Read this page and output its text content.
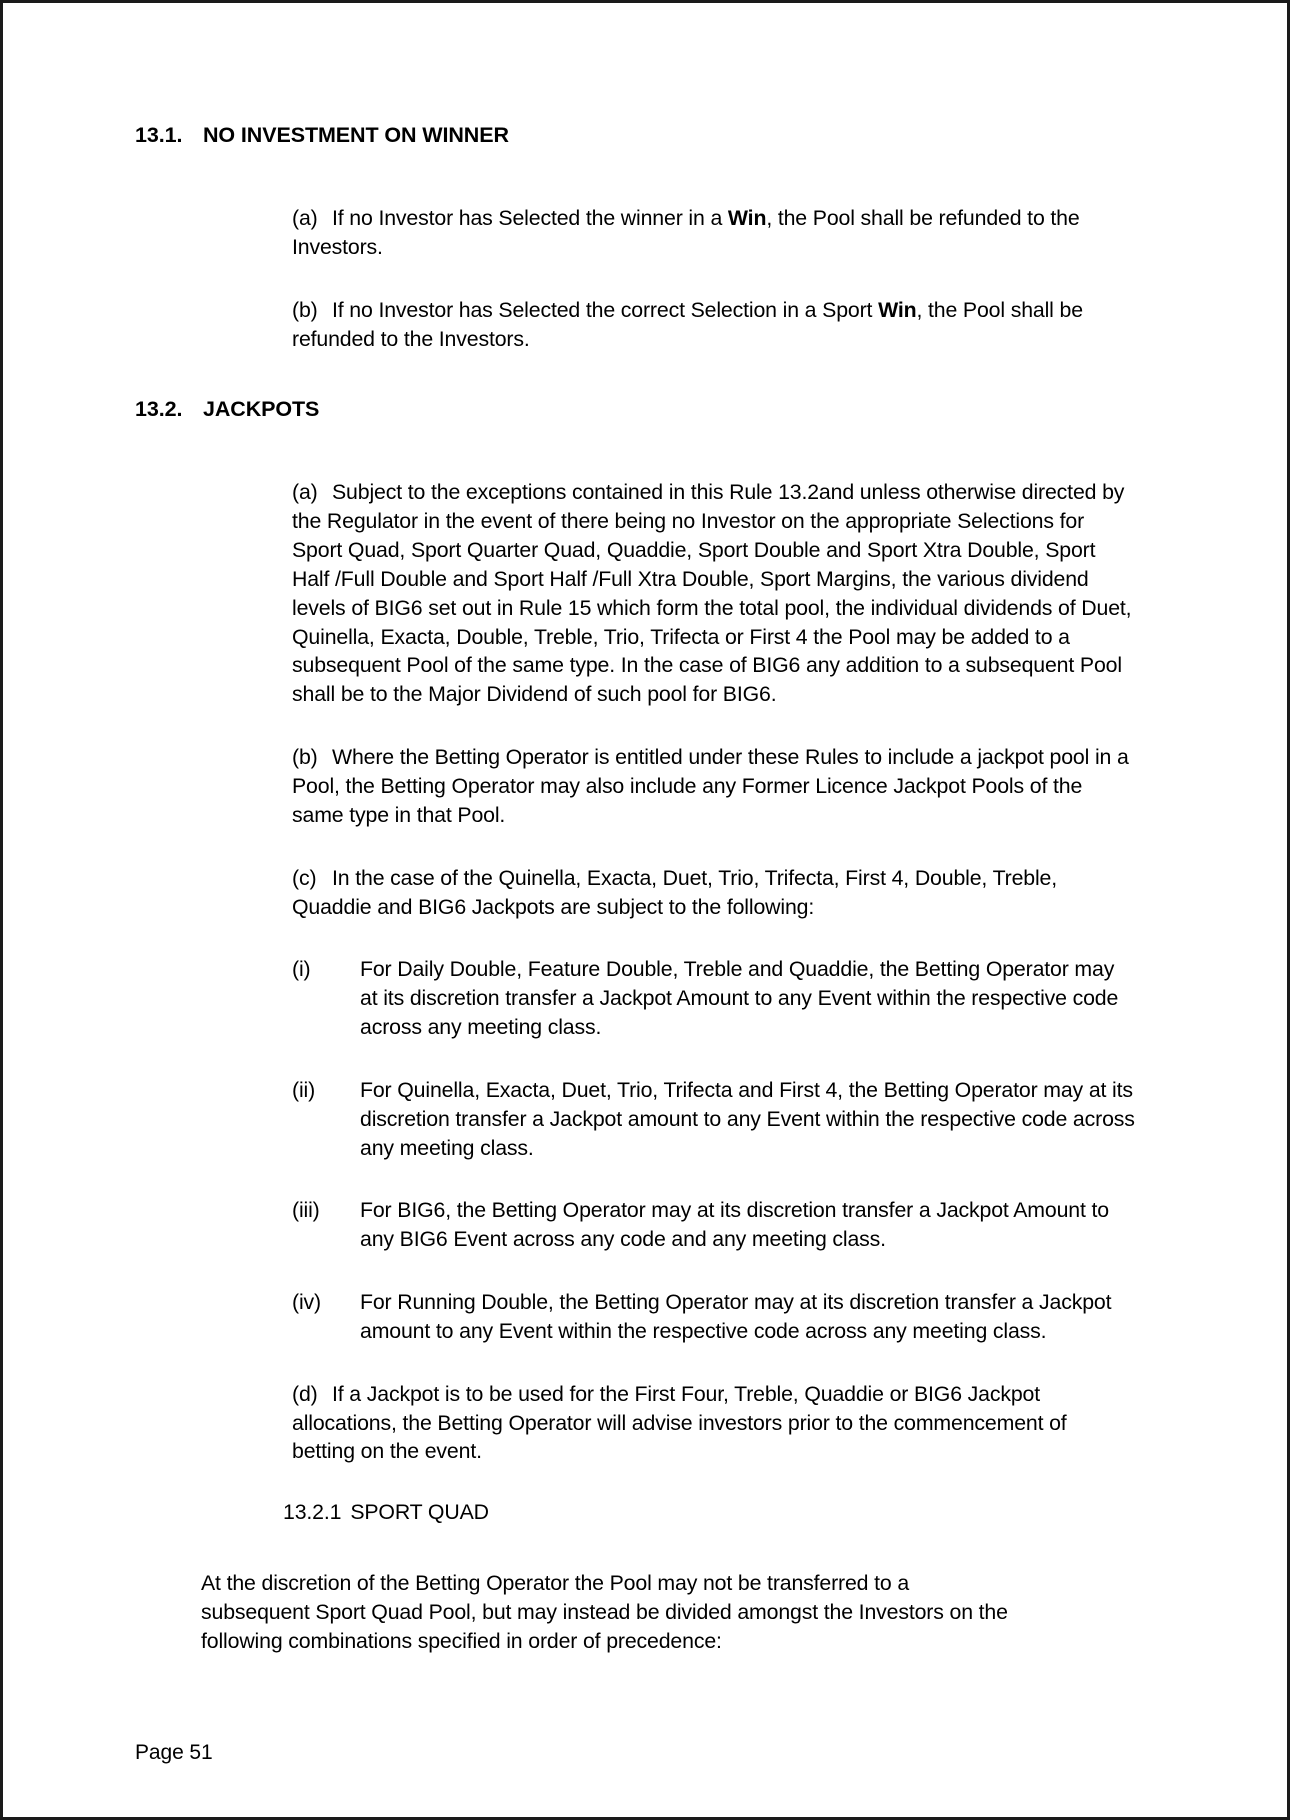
13.1. NO INVESTMENT ON WINNER

(a) If no Investor has Selected the winner in a Win, the Pool shall be refunded to the Investors.

(b) If no Investor has Selected the correct Selection in a Sport Win, the Pool shall be refunded to the Investors.

13.2. JACKPOTS

(a) Subject to the exceptions contained in this Rule 13.2and unless otherwise directed by the Regulator in the event of there being no Investor on the appropriate Selections for Sport Quad, Sport Quarter Quad, Quaddie, Sport Double and Sport Xtra Double, Sport Half /Full Double and Sport Half /Full Xtra Double, Sport Margins, the various dividend levels of BIG6 set out in Rule 15 which form the total pool, the individual dividends of Duet, Quinella, Exacta, Double, Treble, Trio, Trifecta or First 4 the Pool may be added to a subsequent Pool of the same type. In the case of BIG6 any addition to a subsequent Pool shall be to the Major Dividend of such pool for BIG6.

(b) Where the Betting Operator is entitled under these Rules to include a jackpot pool in a Pool, the Betting Operator may also include any Former Licence Jackpot Pools of the same type in that Pool.

(c) In the case of the Quinella, Exacta, Duet, Trio, Trifecta, First 4, Double, Treble, Quaddie and BIG6 Jackpots are subject to the following:

(i)	For Daily Double, Feature Double, Treble and Quaddie, the Betting Operator may at its discretion transfer a Jackpot Amount to any Event within the respective code across any meeting class.
(ii)	For Quinella, Exacta, Duet, Trio, Trifecta and First 4, the Betting Operator may at its discretion transfer a Jackpot amount to any Event within the respective code across any meeting class.
(iii)	For BIG6, the Betting Operator may at its discretion transfer a Jackpot Amount to any BIG6 Event across any code and any meeting class.
(iv)	For Running Double, the Betting Operator may at its discretion transfer a Jackpot amount to any Event within the respective code across any meeting class.

(d) If a Jackpot is to be used for the First Four, Treble, Quaddie or BIG6 Jackpot allocations, the Betting Operator will advise investors prior to the commencement of betting on the event.

13.2.1 SPORT QUAD

At the discretion of the Betting Operator the Pool may not be transferred to a subsequent Sport Quad Pool, but may instead be divided amongst the Investors on the following combinations specified in order of precedence:

Page 51
